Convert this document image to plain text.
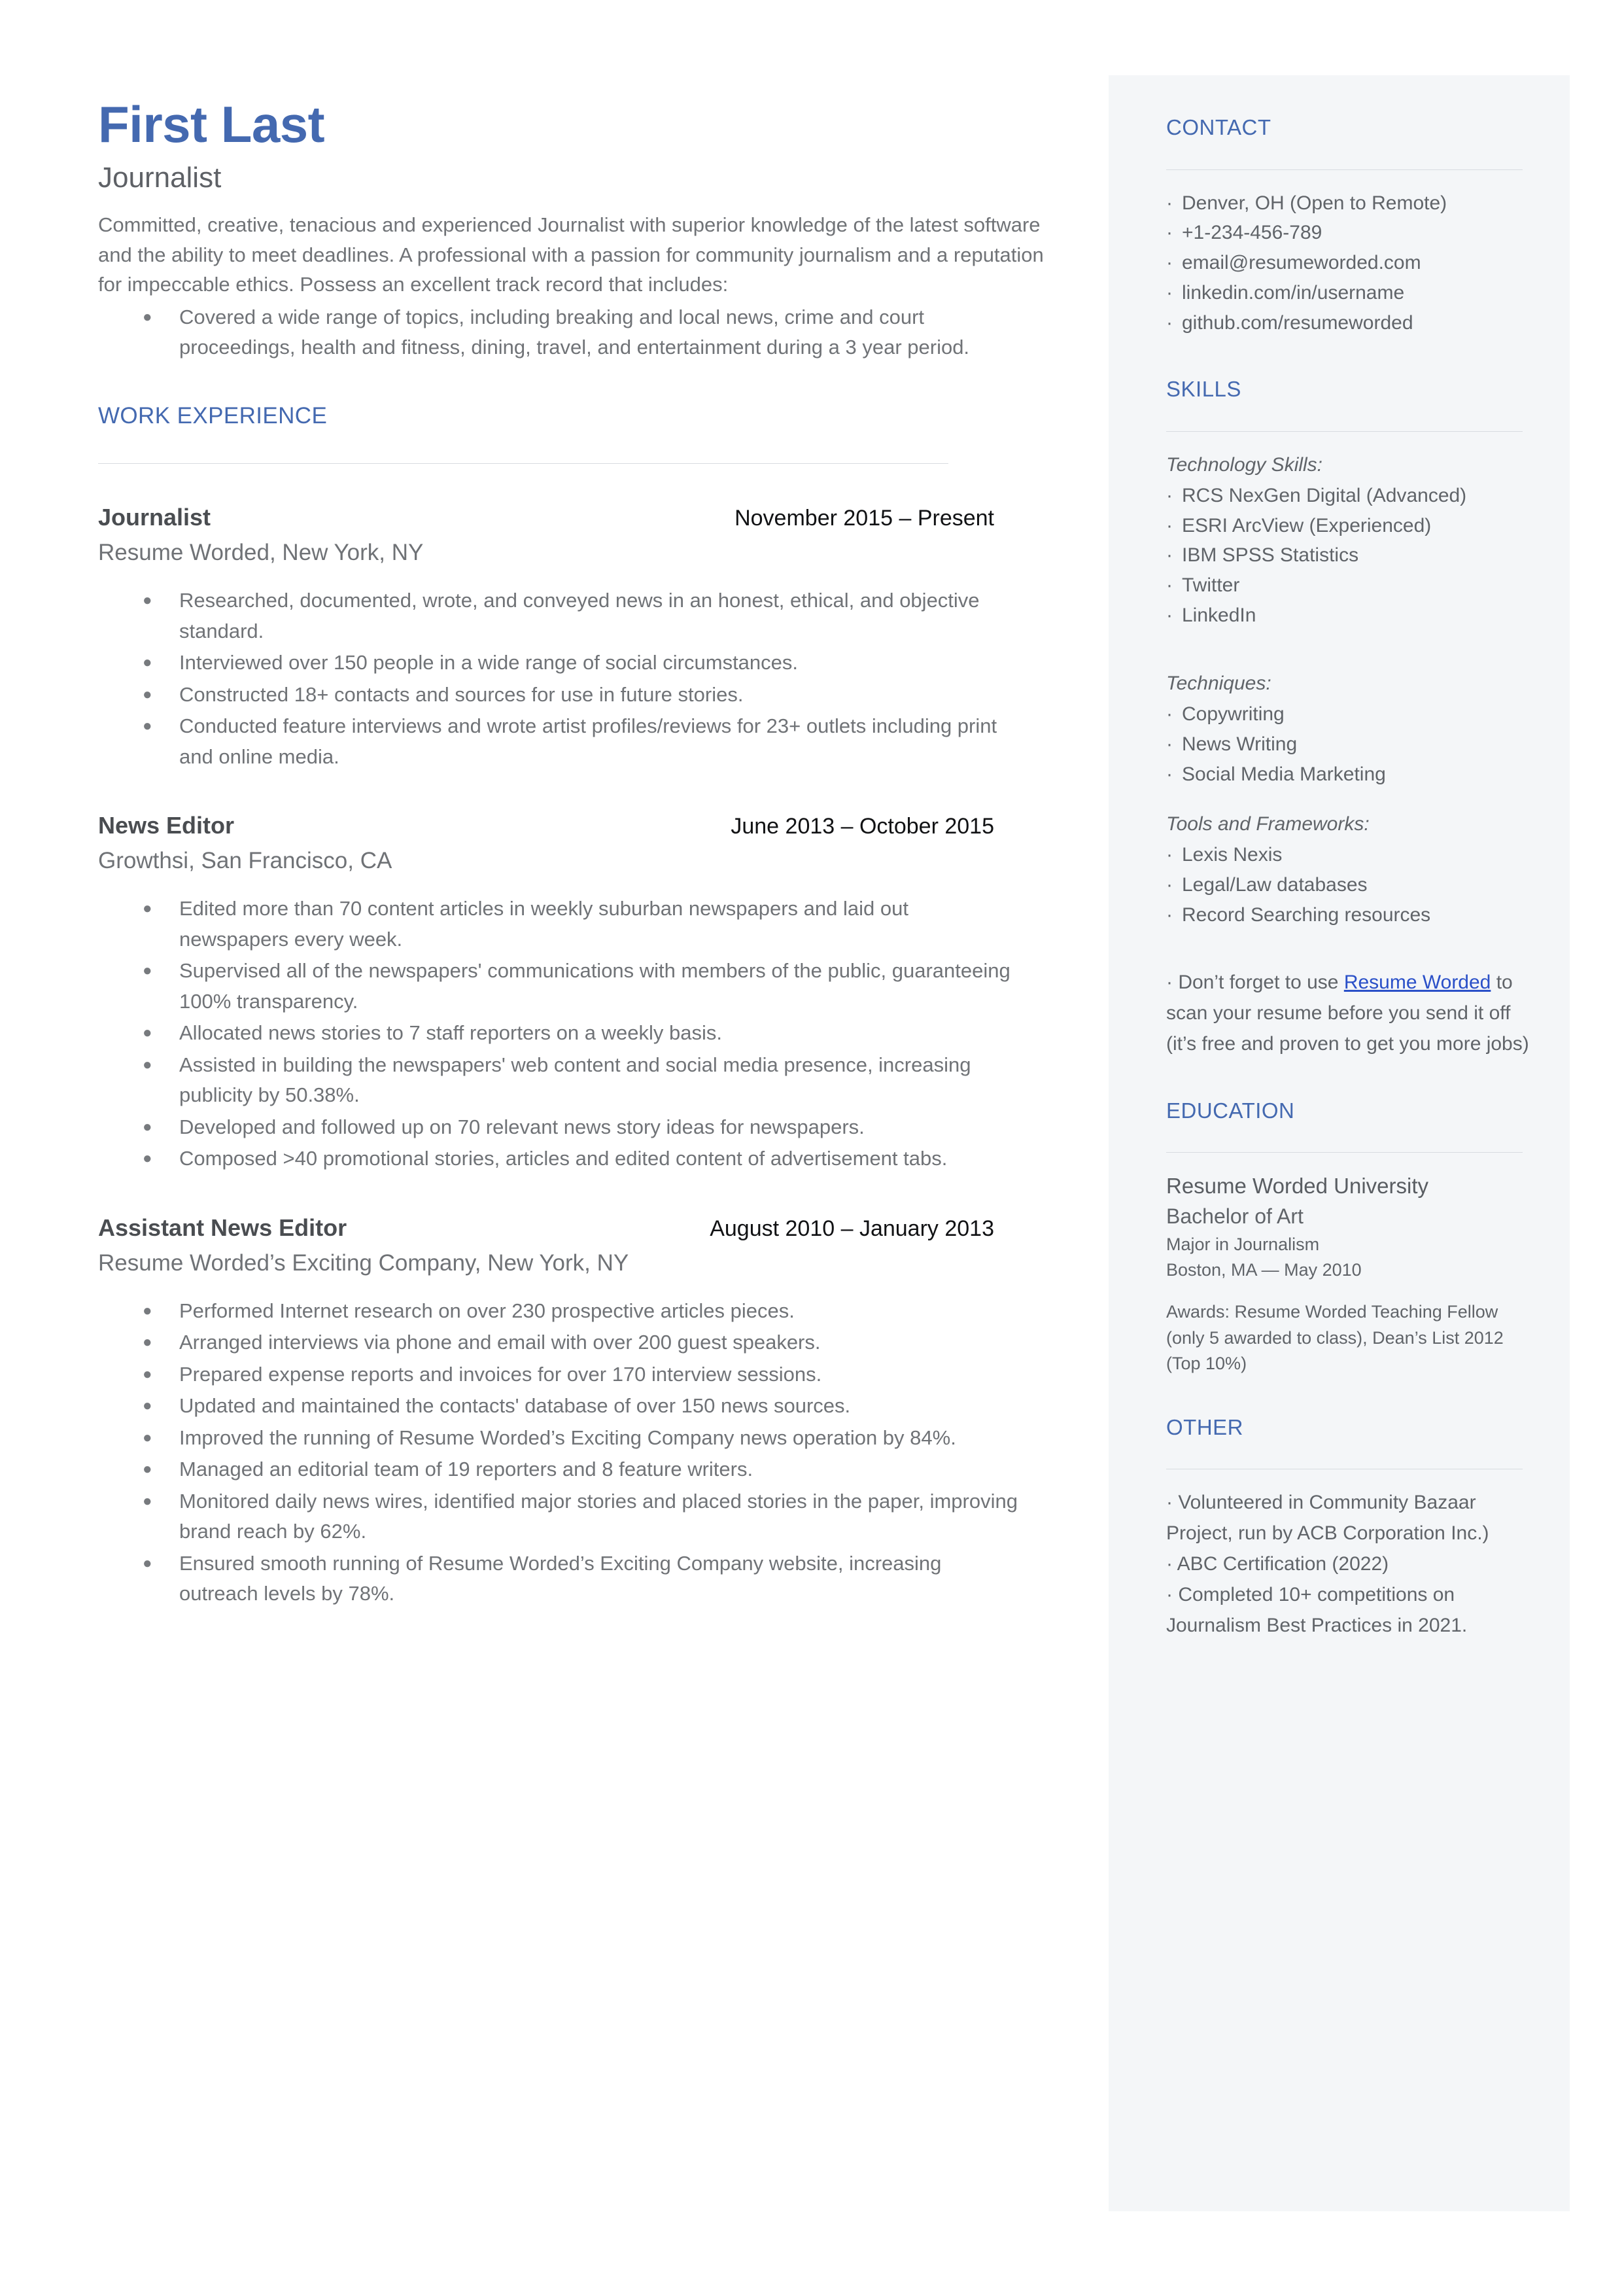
First Last
Journalist
Committed, creative, tenacious and experienced Journalist with superior knowledge of the latest software and the ability to meet deadlines. A professional with a passion for community journalism and a reputation for impeccable ethics. Possess an excellent track record that includes:
●	Covered a wide range of topics, including breaking and local news, crime and court proceedings, health and fitness, dining, travel, and entertainment during a 3 year period.
WORK EXPERIENCE
Journalist	November 2015 – Present
Resume Worded, New York, NY
●	Researched, documented, wrote, and conveyed news in an honest, ethical, and objective standard.
●	Interviewed over 150 people in a wide range of social circumstances.
●	Constructed 18+ contacts and sources for use in future stories.
●	Conducted feature interviews and wrote artist profiles/reviews for 23+ outlets including print and online media.
News Editor	June 2013 – October 2015
Growthsi, San Francisco, CA
●	Edited more than 70 content articles in weekly suburban newspapers and laid out newspapers every week.
●	Supervised all of the newspapers' communications with members of the public, guaranteeing 100% transparency.
●	Allocated news stories to 7 staff reporters on a weekly basis.
●	Assisted in building the newspapers' web content and social media presence, increasing publicity by 50.38%.
●	Developed and followed up on 70 relevant news story ideas for newspapers.
●	Composed >40 promotional stories, articles and edited content of advertisement tabs.
Assistant News Editor	August 2010 – January 2013
Resume Worded’s Exciting Company, New York, NY
●	Performed Internet research on over 230 prospective articles pieces.
●	Arranged interviews via phone and email with over 200 guest speakers.
●	Prepared expense reports and invoices for over 170 interview sessions.
●	Updated and maintained the contacts' database of over 150 news sources.
●	Improved the running of Resume Worded’s Exciting Company news operation by 84%.
●	Managed an editorial team of 19 reporters and 8 feature writers.
●	Monitored daily news wires, identified major stories and placed stories in the paper, improving brand reach by 62%.
●	Ensured smooth running of Resume Worded’s Exciting Company website, increasing outreach levels by 78%.
CONTACT
· Denver, OH (Open to Remote)
· +1-234-456-789
· email@resumeworded.com
· linkedin.com/in/username
· github.com/resumeworded
SKILLS
Technology Skills:
· RCS NexGen Digital (Advanced)
· ESRI ArcView (Experienced)
· IBM SPSS Statistics
· Twitter
· LinkedIn
Techniques:
· Copywriting
· News Writing
· Social Media Marketing
Tools and Frameworks:
· Lexis Nexis
· Legal/Law databases
· Record Searching resources
· Don’t forget to use Resume Worded to scan your resume before you send it off (it’s free and proven to get you more jobs)
EDUCATION
Resume Worded University
Bachelor of Art
Major in Journalism
Boston, MA — May 2010
Awards: Resume Worded Teaching Fellow (only 5 awarded to class), Dean’s List 2012 (Top 10%)
OTHER
· Volunteered in Community Bazaar Project, run by ACB Corporation Inc.)
· ABC Certification (2022)
· Completed 10+ competitions on Journalism Best Practices in 2021.
